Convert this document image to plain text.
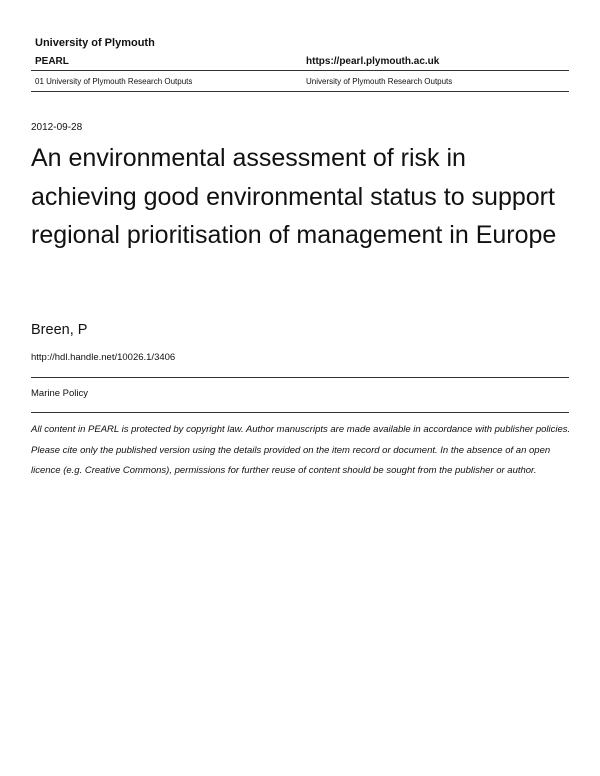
University of Plymouth
PEARL	https://pearl.plymouth.ac.uk
01 University of Plymouth Research Outputs	University of Plymouth Research Outputs
2012-09-28
An environmental assessment of risk in achieving good environmental status to support regional prioritisation of management in Europe
Breen, P
http://hdl.handle.net/10026.1/3406
Marine Policy

All content in PEARL is protected by copyright law. Author manuscripts are made available in accordance with publisher policies. Please cite only the published version using the details provided on the item record or document. In the absence of an open licence (e.g. Creative Commons), permissions for further reuse of content should be sought from the publisher or author.
